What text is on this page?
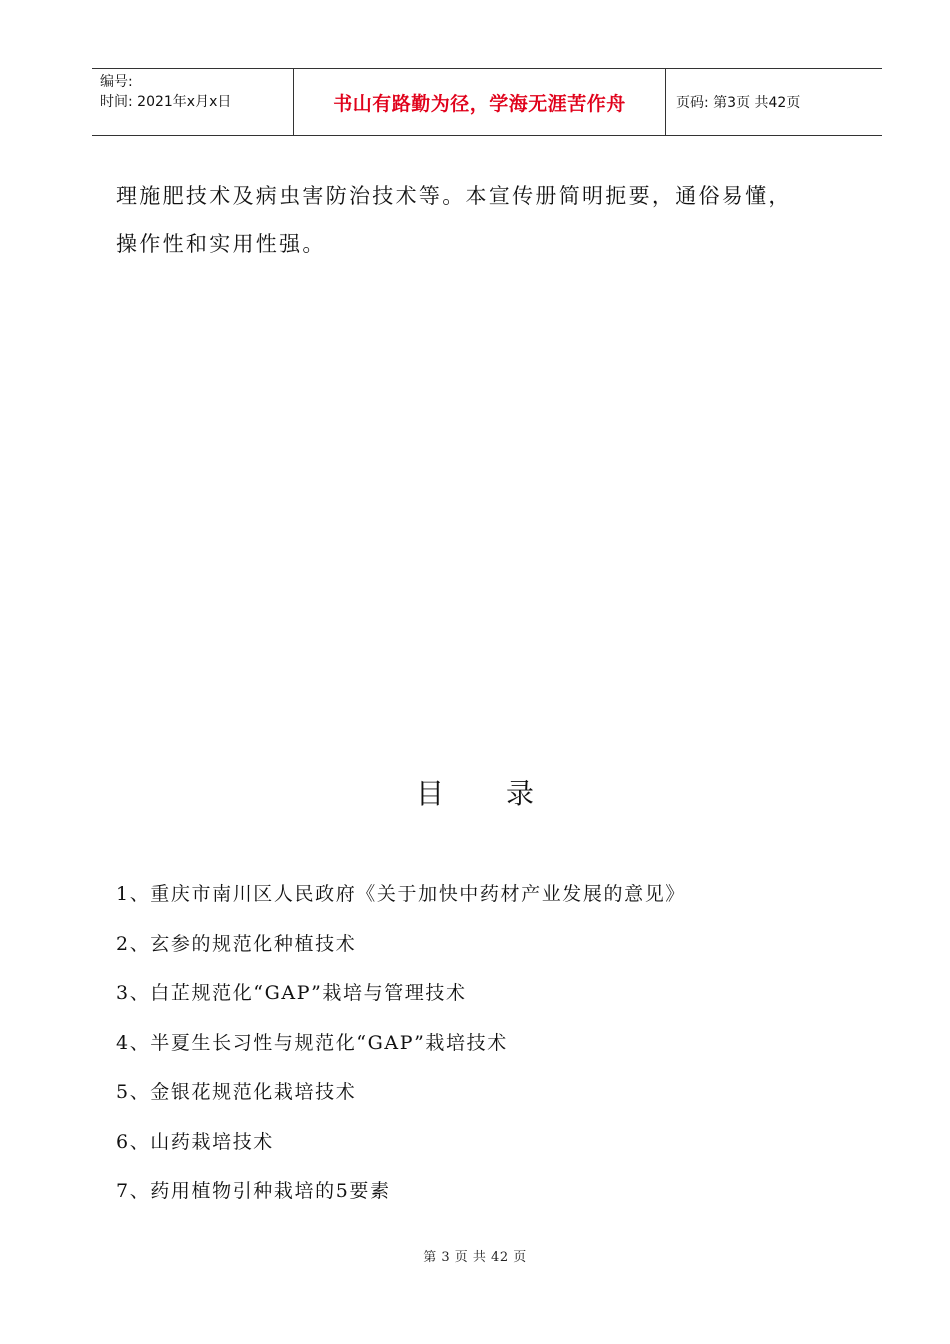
编号:
时间: 2021年x月x日	书山有路勤为径，学海无涯苦作舟	页码: 第3页 共42页
理施肥技术及病虫害防治技术等。本宣传册简明扼要，通俗易懂，
操作性和实用性强。
目 录
1、重庆市南川区人民政府《关于加快中药材产业发展的意见》
2、玄参的规范化种植技术
3、白芷规范化“GAP”栽培与管理技术
4、半夏生长习性与规范化“GAP”栽培技术
5、金银花规范化栽培技术
6、山药栽培技术
7、药用植物引种栽培的5要素
第 3 页 共 42 页
